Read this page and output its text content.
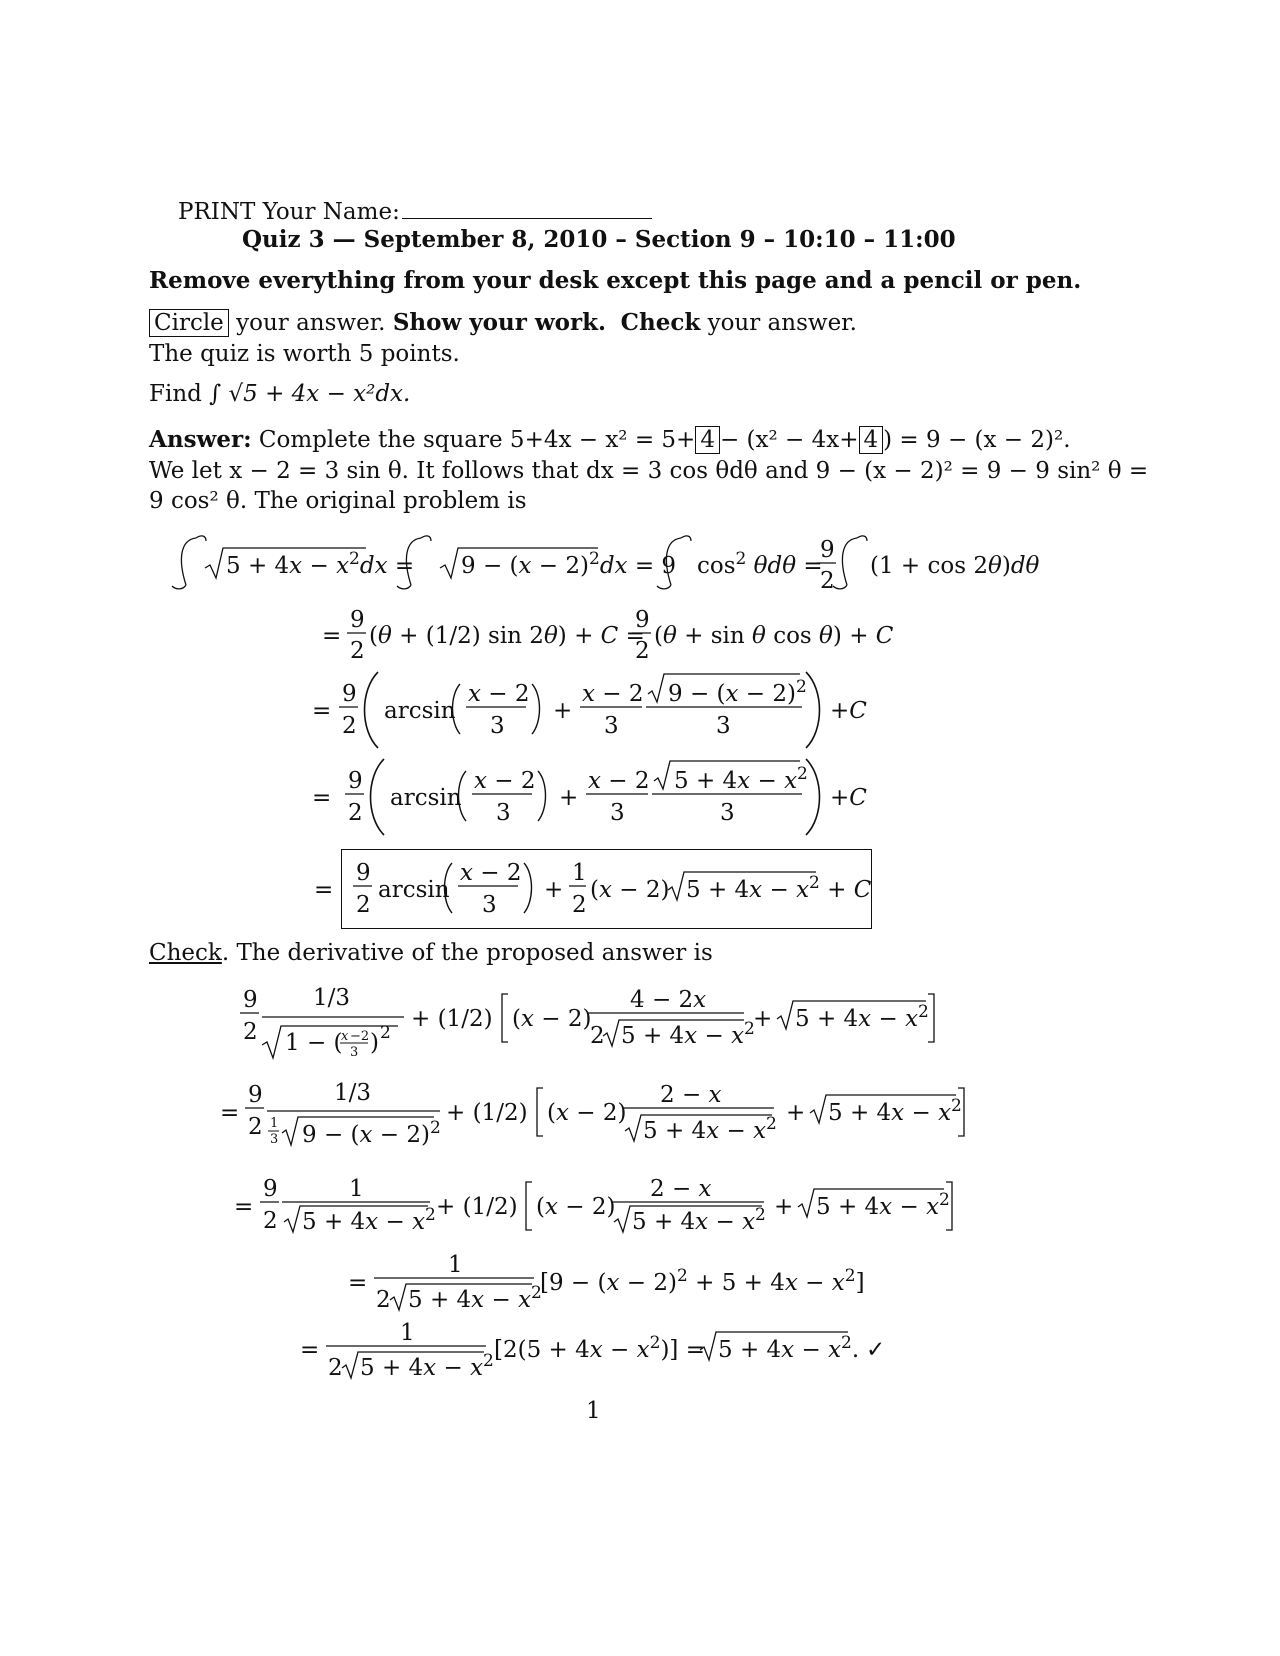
PRINT Your Name:
Quiz 3 — September 8, 2010 – Section 9 – 10:10 – 11:00
Remove everything from your desk except this page and a pencil or pen.
Circle your answer. Show your work. Check your answer.
The quiz is worth 5 points.
Find ∫ √5 + 4x − x²dx.
Answer: Complete the square 5+4x − x² = 5+ 4 − (x² − 4x+ 4 ) = 9 − (x − 2)².
We let x − 2 = 3 sin θ. It follows that dx = 3 cos θdθ and 9 − (x − 2)² = 9 − 9 sin² θ =
9 cos² θ. The original problem is
Check. The derivative of the proposed answer is
$5 + 4x - x^2dx = 9 - (x - 2)^2dx = 9$ $\cos^2 \theta d\theta$ =
9
2
(1 + cos 2θ)dθ
=
9
2
(θ + (1/2) sin 2θ) + C =
9
2
(θ + sin θ cos θ) + C
=
9
2
arcsin
x − 2
3
+
x − 2
3
$9 - (x - 2)^2$
3
+C
=
9
2
arcsin
x − 2
3
+
x − 2
3
$5 + 4x - x^2$
3
+C
=
9
2
arcsin
x − 2
3
+
1
2
(x − 2) $5 + 4x - x^2 + C$
9
2
1/3
1 − (
x −2
3 ) 2
+ (1/2) (x − 2)
4 − 2x
2 $5 + 4x - x^2$
+ $5 + 4x - x^2$
=
9
2
1/3
1
3 $9 - (x - 2)^2$
+ (1/2) (x − 2)
2 − x
$5 + 4x - x^2 + 5 + 4x - x^2$
=
9
2
1
$5 + 4x - x^2 + (1/2) (x - 2)$
2 − x
$5 + 4x - x^2 + 5 + 4x - x^2$
=
1
2 $5 + 4x - x^2$
$[9 - (x - 2)^2 + 5 + 4x - x^2]$
=
1
2 $5 + 4x - x^2$ $[2(5 + 4x - x^2)] = 5 + 4x - x^2$. ✓
1
